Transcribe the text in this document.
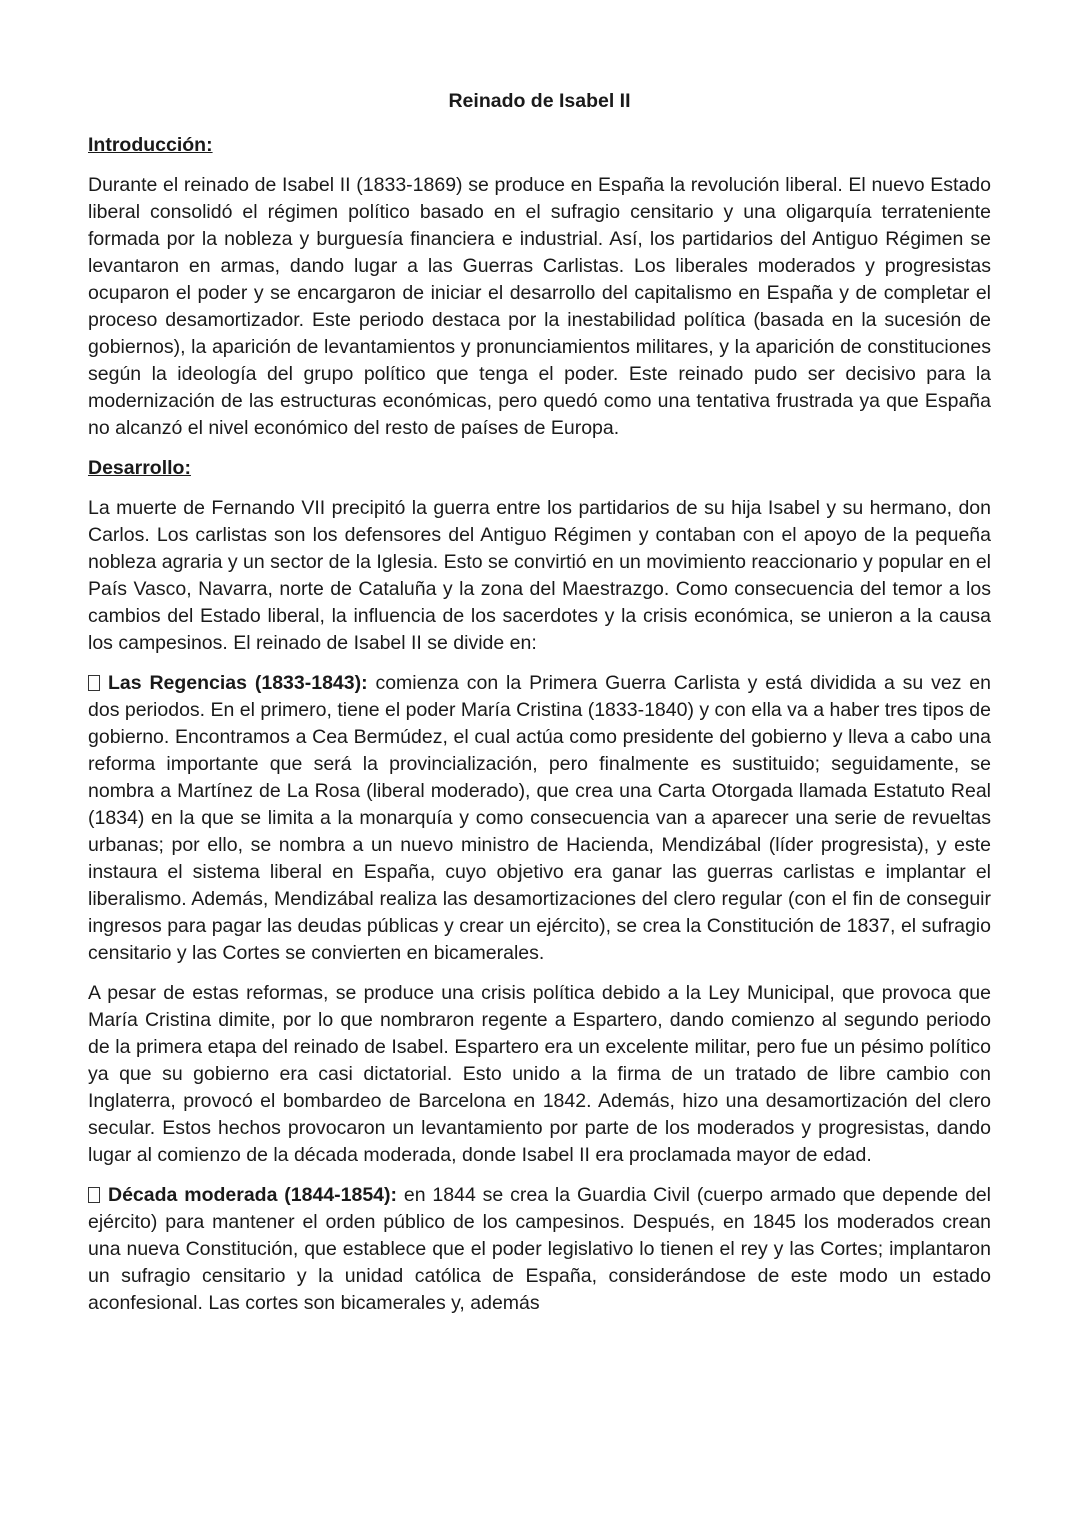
Reinado de Isabel II
Introducción:

Durante el reinado de Isabel II (1833-1869) se produce en España la revolución liberal. El nuevo Estado liberal consolidó el régimen político basado en el sufragio censitario y una oligarquía terrateniente formada por la nobleza y burguesía financiera e industrial. Así, los partidarios del Antiguo Régimen se levantaron en armas, dando lugar a las Guerras Carlistas. Los liberales moderados y progresistas ocuparon el poder y se encargaron de iniciar el desarrollo del capitalismo en España y de completar el proceso desamortizador. Este periodo destaca por la inestabilidad política (basada en la sucesión de gobiernos), la aparición de levantamientos y pronunciamientos militares, y la aparición de constituciones según la ideología del grupo político que tenga el poder. Este reinado pudo ser decisivo para la modernización de las estructuras económicas, pero quedó como una tentativa frustrada ya que España no alcanzó el nivel económico del resto de países de Europa.

Desarrollo:

La muerte de Fernando VII precipitó la guerra entre los partidarios de su hija Isabel y su hermano, don Carlos. Los carlistas son los defensores del Antiguo Régimen y contaban con el apoyo de la pequeña nobleza agraria y un sector de la Iglesia. Esto se convirtió en un movimiento reaccionario y popular en el País Vasco, Navarra, norte de Cataluña y la zona del Maestrazgo. Como consecuencia del temor a los cambios del Estado liberal, la influencia de los sacerdotes y la crisis económica, se unieron a la causa los campesinos. El reinado de Isabel II se divide en:

Las Regencias (1833-1843): comienza con la Primera Guerra Carlista y está dividida a su vez en dos periodos. En el primero, tiene el poder María Cristina (1833-1840) y con ella va a haber tres tipos de gobierno. Encontramos a Cea Bermúdez, el cual actúa como presidente del gobierno y lleva a cabo una reforma importante que será la provincialización, pero finalmente es sustituido; seguidamente, se nombra a Martínez de La Rosa (liberal moderado), que crea una Carta Otorgada llamada Estatuto Real (1834) en la que se limita a la monarquía y como consecuencia van a aparecer una serie de revueltas urbanas; por ello, se nombra a un nuevo ministro de Hacienda, Mendizábal (líder progresista), y este instaura el sistema liberal en España, cuyo objetivo era ganar las guerras carlistas e implantar el liberalismo. Además, Mendizábal realiza las desamortizaciones del clero regular (con el fin de conseguir ingresos para pagar las deudas públicas y crear un ejército), se crea la Constitución de 1837, el sufragio censitario y las Cortes se convierten en bicamerales.

A pesar de estas reformas, se produce una crisis política debido a la Ley Municipal, que provoca que María Cristina dimite, por lo que nombraron regente a Espartero, dando comienzo al segundo periodo de la primera etapa del reinado de Isabel. Espartero era un excelente militar, pero fue un pésimo político ya que su gobierno era casi dictatorial. Esto unido a la firma de un tratado de libre cambio con Inglaterra, provocó el bombardeo de Barcelona en 1842. Además, hizo una desamortización del clero secular. Estos hechos provocaron un levantamiento por parte de los moderados y progresistas, dando lugar al comienzo de la década moderada, donde Isabel II era proclamada mayor de edad.

Década moderada (1844-1854): en 1844 se crea la Guardia Civil (cuerpo armado que depende del ejército) para mantener el orden público de los campesinos. Después, en 1845 los moderados crean una nueva Constitución, que establece que el poder legislativo lo tienen el rey y las Cortes; implantaron un sufragio censitario y la unidad católica de España, considerándose de este modo un estado aconfesional. Las cortes son bicamerales y, además
